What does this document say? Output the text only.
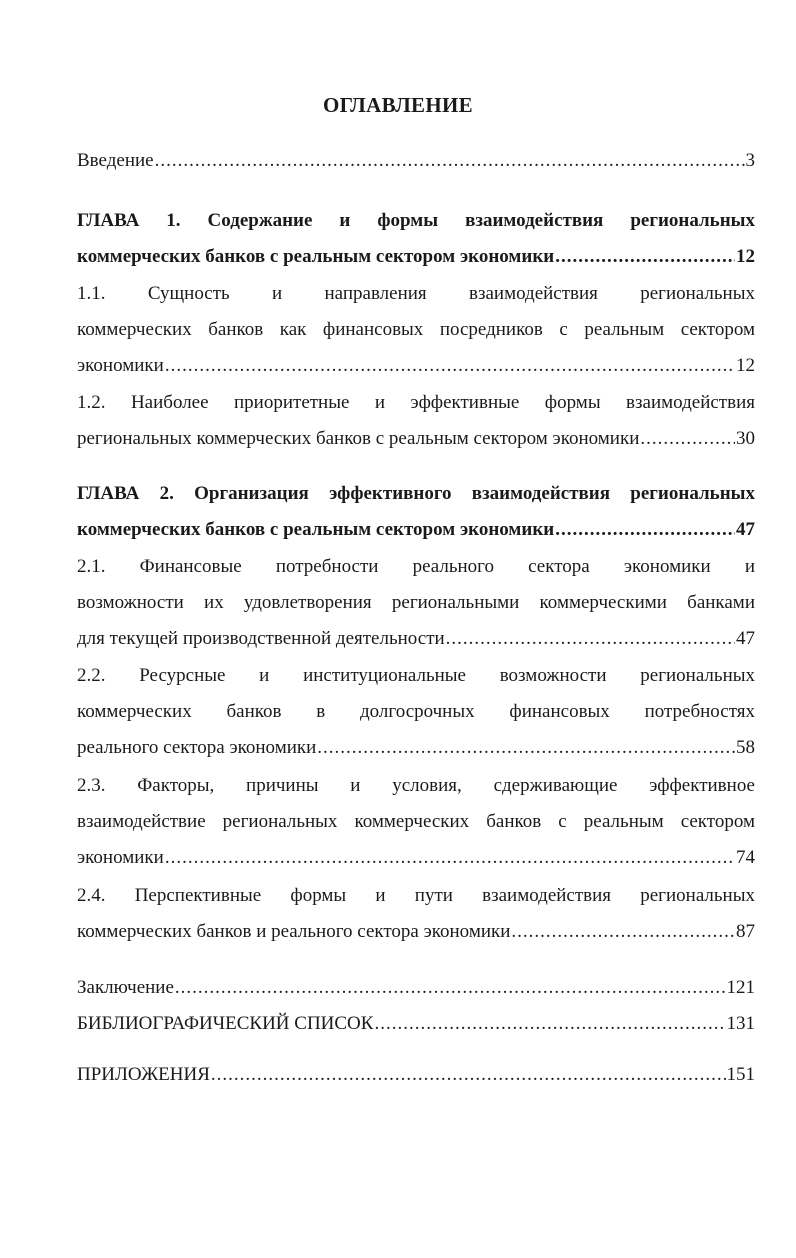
ОГЛАВЛЕНИЕ
Введение .....	3
ГЛАВА 1. Содержание и формы взаимодействия региональных
коммерческих банков с реальным сектором экономики .....	12
1.1. Сущность и направления взаимодействия региональных
коммерческих банков как финансовых посредников с реальным сектором
экономики .....	12
1.2. Наиболее приоритетные и эффективные формы взаимодействия
региональных коммерческих банков с реальным сектором экономики .....	30
ГЛАВА 2. Организация эффективного взаимодействия региональных
коммерческих банков с реальным сектором экономики .....	47
2.1. Финансовые потребности реального сектора экономики и
возможности их удовлетворения региональными коммерческими банками
для текущей производственной деятельности .....	47
2.2. Ресурсные и институциональные возможности региональных
коммерческих банков в долгосрочных финансовых потребностях
реального сектора экономики .....	58
2.3. Факторы, причины и условия, сдерживающие эффективное
взаимодействие региональных коммерческих банков с реальным сектором
экономики .....	74
2.4. Перспективные формы и пути взаимодействия региональных
коммерческих банков и реального сектора экономики .....	87
Заключение .....	121
БИБЛИОГРАФИЧЕСКИЙ СПИСОК .....	131
ПРИЛОЖЕНИЯ .....	151
